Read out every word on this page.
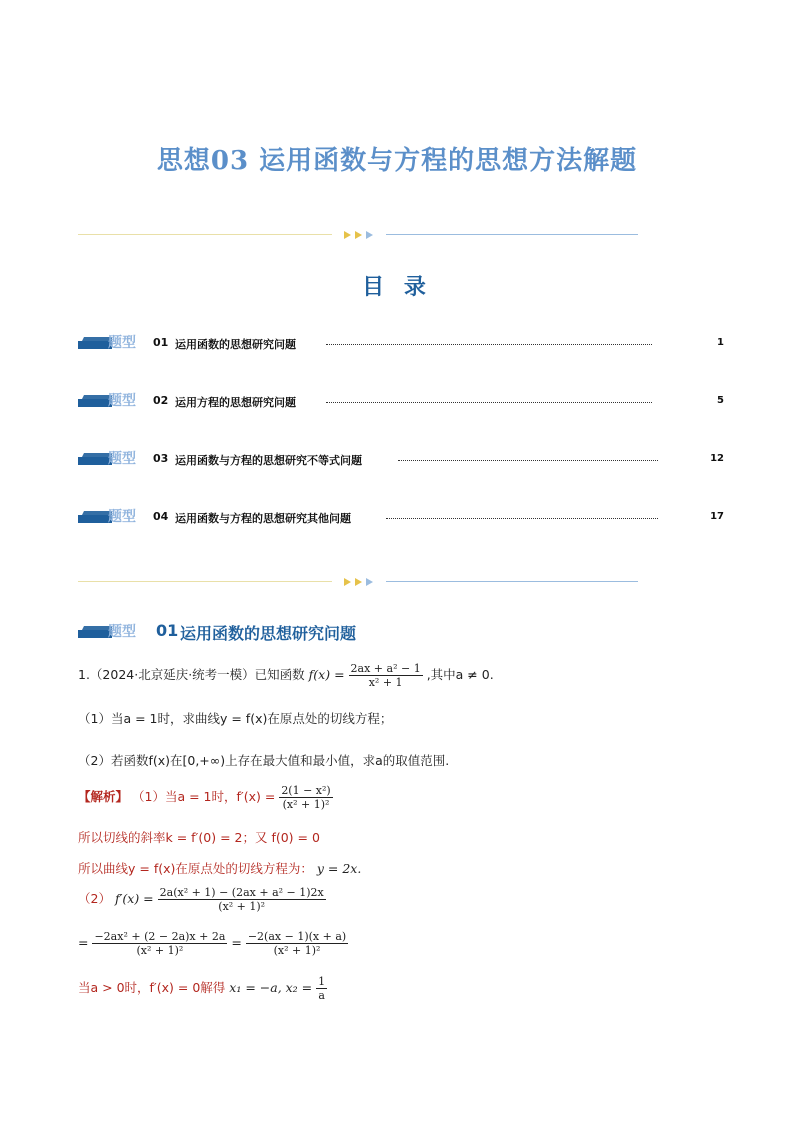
思想03 运用函数与方程的思想方法解题
目 录
题型 01 运用函数的思想研究问题	1
题型 02 运用方程的思想研究问题	5
题型 03 运用函数与方程的思想研究不等式问题	12
题型 04 运用函数与方程的思想研究其他问题	17
题型 01 运用函数的思想研究问题
1.（2024·北京延庆·统考一模）已知函数 $f(x) = \frac{\text{2ax + a² − 1}}{\text{x² + 1}}$ ,其中a ≠ 0.
（1）当a = 1时，求曲线y = f(x)在原点处的切线方程；
（2）若函数f(x)在[0,+∞)上存在最大值和最小值，求a的取值范围.
【解析】 （1）当a = 1时，$f'(x) = \frac{\text{2(1 − x²)}}{\text{(x² + 1)²}}$
所以切线的斜率k = f′(0) = 2；又 f(0) = 0
所以曲线y = f(x)在原点处的切线方程为： y = 2x.
（2） $f'(x) = \frac{\text{2a(x² + 1) − (2ax + a² − 1)2x}}{\text{(x² + 1)²}}$
= $\frac{\text{−2ax² + (2 − 2a)x + 2a}}{\text{(x² + 1)²}} = \frac{-2(ax - 1)(x + a)}{\text{(x² + 1)²}}$
当a > 0时，f′(x) = 0解得 x₁ = −a, $x_2 = \frac{1}{a}$
